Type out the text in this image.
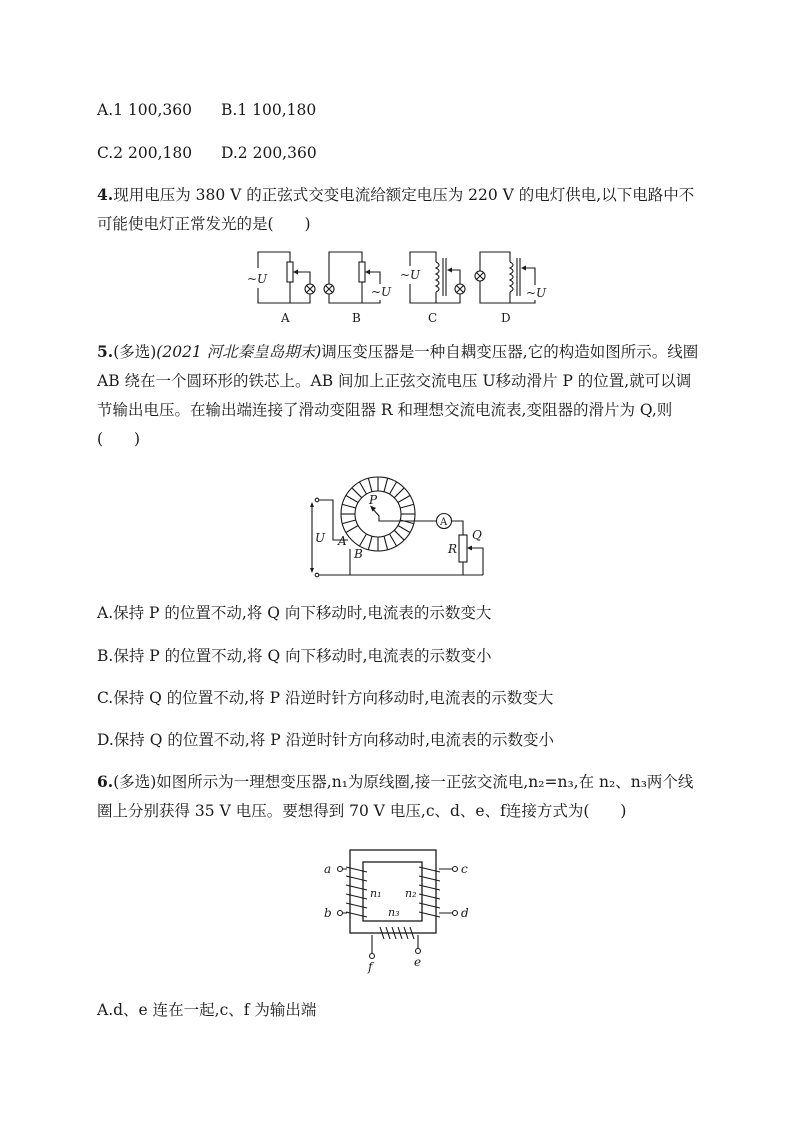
A.1 100,360 B.1 100,180
C.2 200,180 D.2 200,360
4.现用电压为 380 V 的正弦式交变电流给额定电压为 220 V 的电灯供电,以下电路中不
可能使电灯正常发光的是(　　)
~U
A
~U
B
~U
C
~U
D
5.(多选)(2021 河北秦皇岛期末)调压变压器是一种自耦变压器,它的构造如图所示。线圈
AB 绕在一个圆环形的铁芯上。AB 间加上正弦交流电压 U移动滑片 P 的位置,就可以调
节输出电压。在输出端连接了滑动变阻器 R 和理想交流电流表,变阻器的滑片为 Q,则
(　　)
U A
B
P
A
R
Q
A.保持 P 的位置不动,将 Q 向下移动时,电流表的示数变大
B.保持 P 的位置不动,将 Q 向下移动时,电流表的示数变小
C.保持 Q 的位置不动,将 P 沿逆时针方向移动时,电流表的示数变大
D.保持 Q 的位置不动,将 P 沿逆时针方向移动时,电流表的示数变小
6.(多选)如图所示为一理想变压器,n₁为原线圈,接一正弦交流电,n₂=n₃,在 n₂、n₃两个线
圈上分别获得 35 V 电压。要想得到 70 V 电压,c、d、e、f连接方式为(　　)
a
b
c
d
f	e
n₁ n₂
n₃
A.d、e 连在一起,c、f 为输出端
